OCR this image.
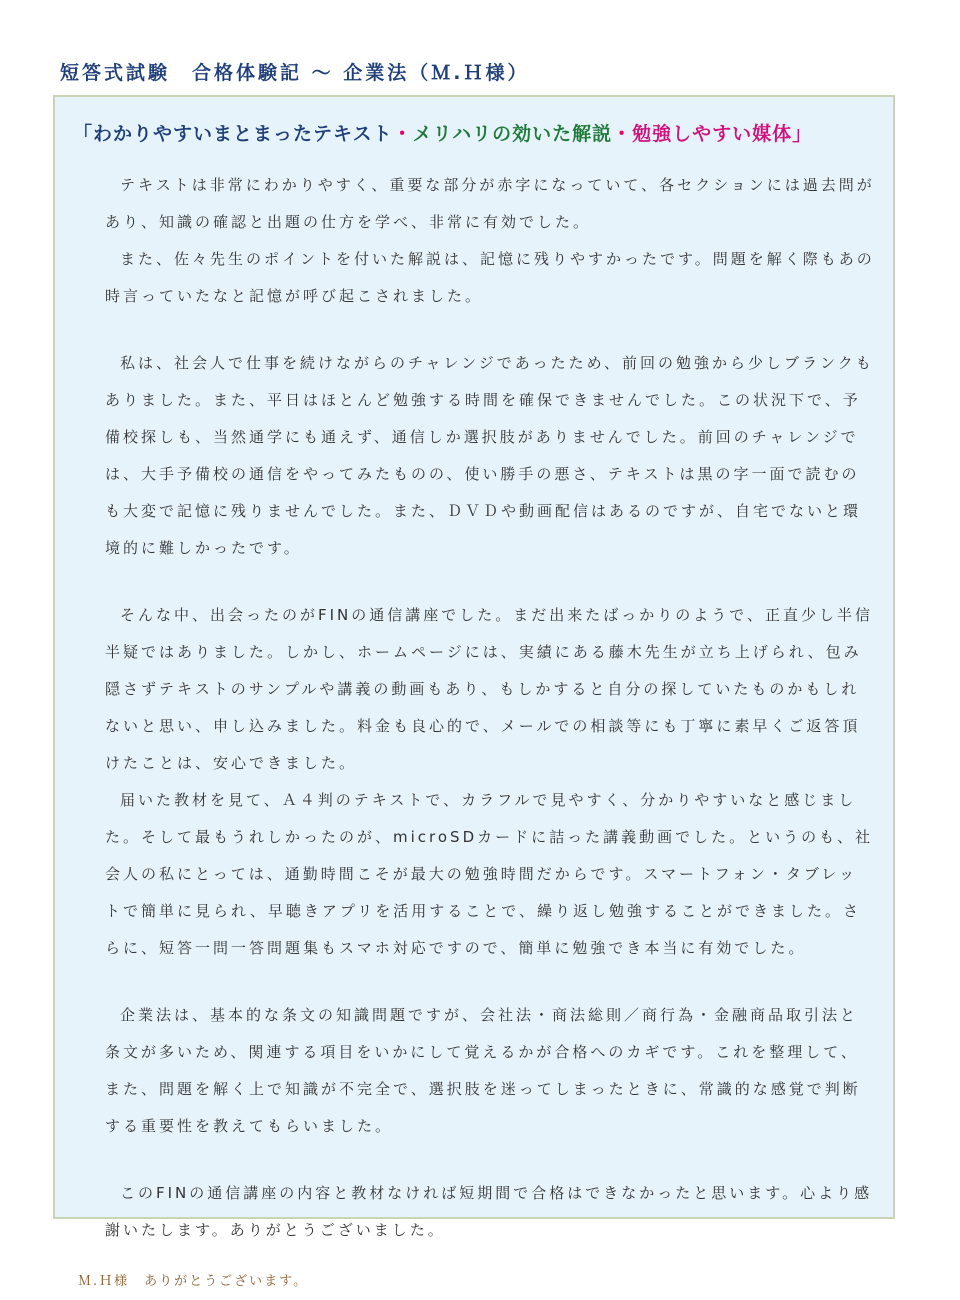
短答式試験　合格体験記 ～ 企業法（Ｍ.Ｈ様）
「わかりやすいまとまったテキスト・メリハリの効いた解説・勉強しやすい媒体」

テキストは非常にわかりやすく、重要な部分が赤字になっていて、各セクションには過去問があり、知識の確認と出題の仕方を学べ、非常に有効でした。

また、佐々先生のポイントを付いた解説は、記憶に残りやすかったです。問題を解く際もあの時言っていたなと記憶が呼び起こされました。

私は、社会人で仕事を続けながらのチャレンジであったため、前回の勉強から少しブランクもありました。また、平日はほとんど勉強する時間を確保できませんでした。この状況下で、予備校探しも、当然通学にも通えず、通信しか選択肢がありませんでした。前回のチャレンジでは、大手予備校の通信をやってみたものの、使い勝手の悪さ、テキストは黒の字一面で読むのも大変で記憶に残りませんでした。また、ＤＶＤや動画配信はあるのですが、自宅でないと環境的に難しかったです。

そんな中、出会ったのがFINの通信講座でした。まだ出来たばっかりのようで、正直少し半信半疑ではありました。しかし、ホームページには、実績にある藤木先生が立ち上げられ、包み隠さずテキストのサンプルや講義の動画もあり、もしかすると自分の探していたものかもしれないと思い、申し込みました。料金も良心的で、メールでの相談等にも丁寧に素早くご返答頂けたことは、安心できました。

届いた教材を見て、Ａ４判のテキストで、カラフルで見やすく、分かりやすいなと感じました。そして最もうれしかったのが、microSDカードに詰った講義動画でした。というのも、社会人の私にとっては、通勤時間こそが最大の勉強時間だからです。スマートフォン・タブレットで簡単に見られ、早聴きアプリを活用することで、繰り返し勉強することができました。さらに、短答一問一答問題集もスマホ対応ですので、簡単に勉強でき本当に有効でした。

企業法は、基本的な条文の知識問題ですが、会社法・商法総則／商行為・金融商品取引法と条文が多いため、関連する項目をいかにして覚えるかが合格へのカギです。これを整理して、また、問題を解く上で知識が不完全で、選択肢を迷ってしまったときに、常識的な感覚で判断する重要性を教えてもらいました。

このFINの通信講座の内容と教材なければ短期間で合格はできなかったと思います。心より感謝いたします。ありがとうございました。

Ｍ.Ｈ様　ありがとうございます。
